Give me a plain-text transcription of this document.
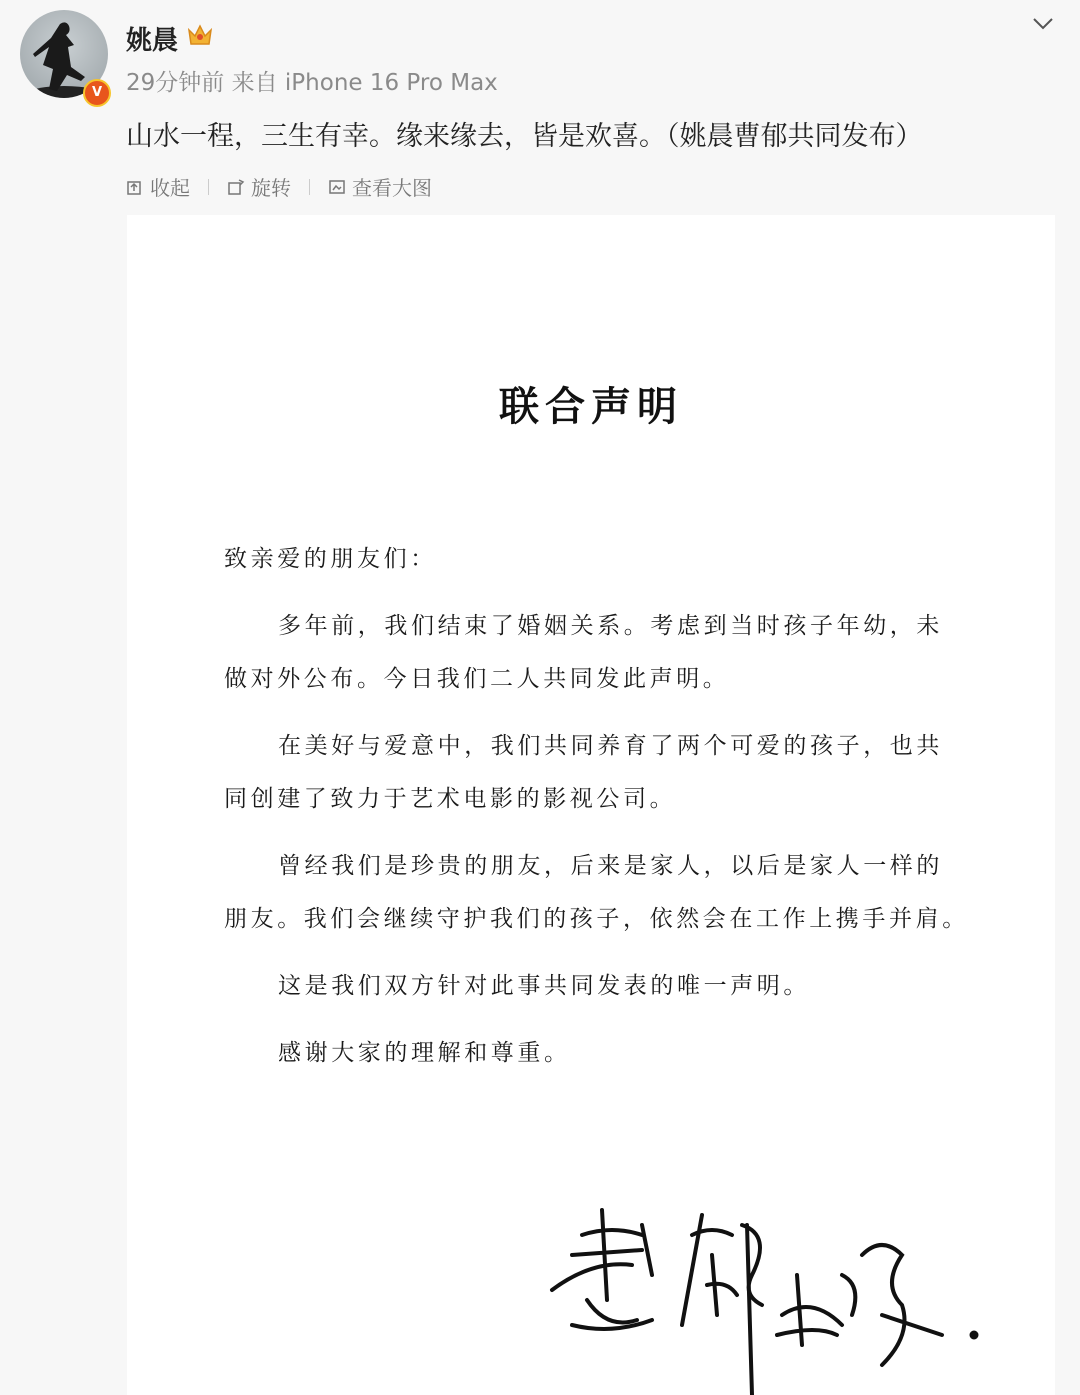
V
姚晨
29分钟前 来自 iPhone 16 Pro Max
山水一程，三生有幸。缘来缘去，皆是欢喜。（姚晨曹郁共同发布）
收起	旋转	查看大图
联合声明
致亲爱的朋友们：
多年前，我们结束了婚姻关系。考虑到当时孩子年幼，未
做对外公布。今日我们二人共同发此声明。
在美好与爱意中，我们共同养育了两个可爱的孩子，也共
同创建了致力于艺术电影的影视公司。
曾经我们是珍贵的朋友，后来是家人，以后是家人一样的
朋友。我们会继续守护我们的孩子，依然会在工作上携手并肩。
这是我们双方针对此事共同发表的唯一声明。
感谢大家的理解和尊重。
